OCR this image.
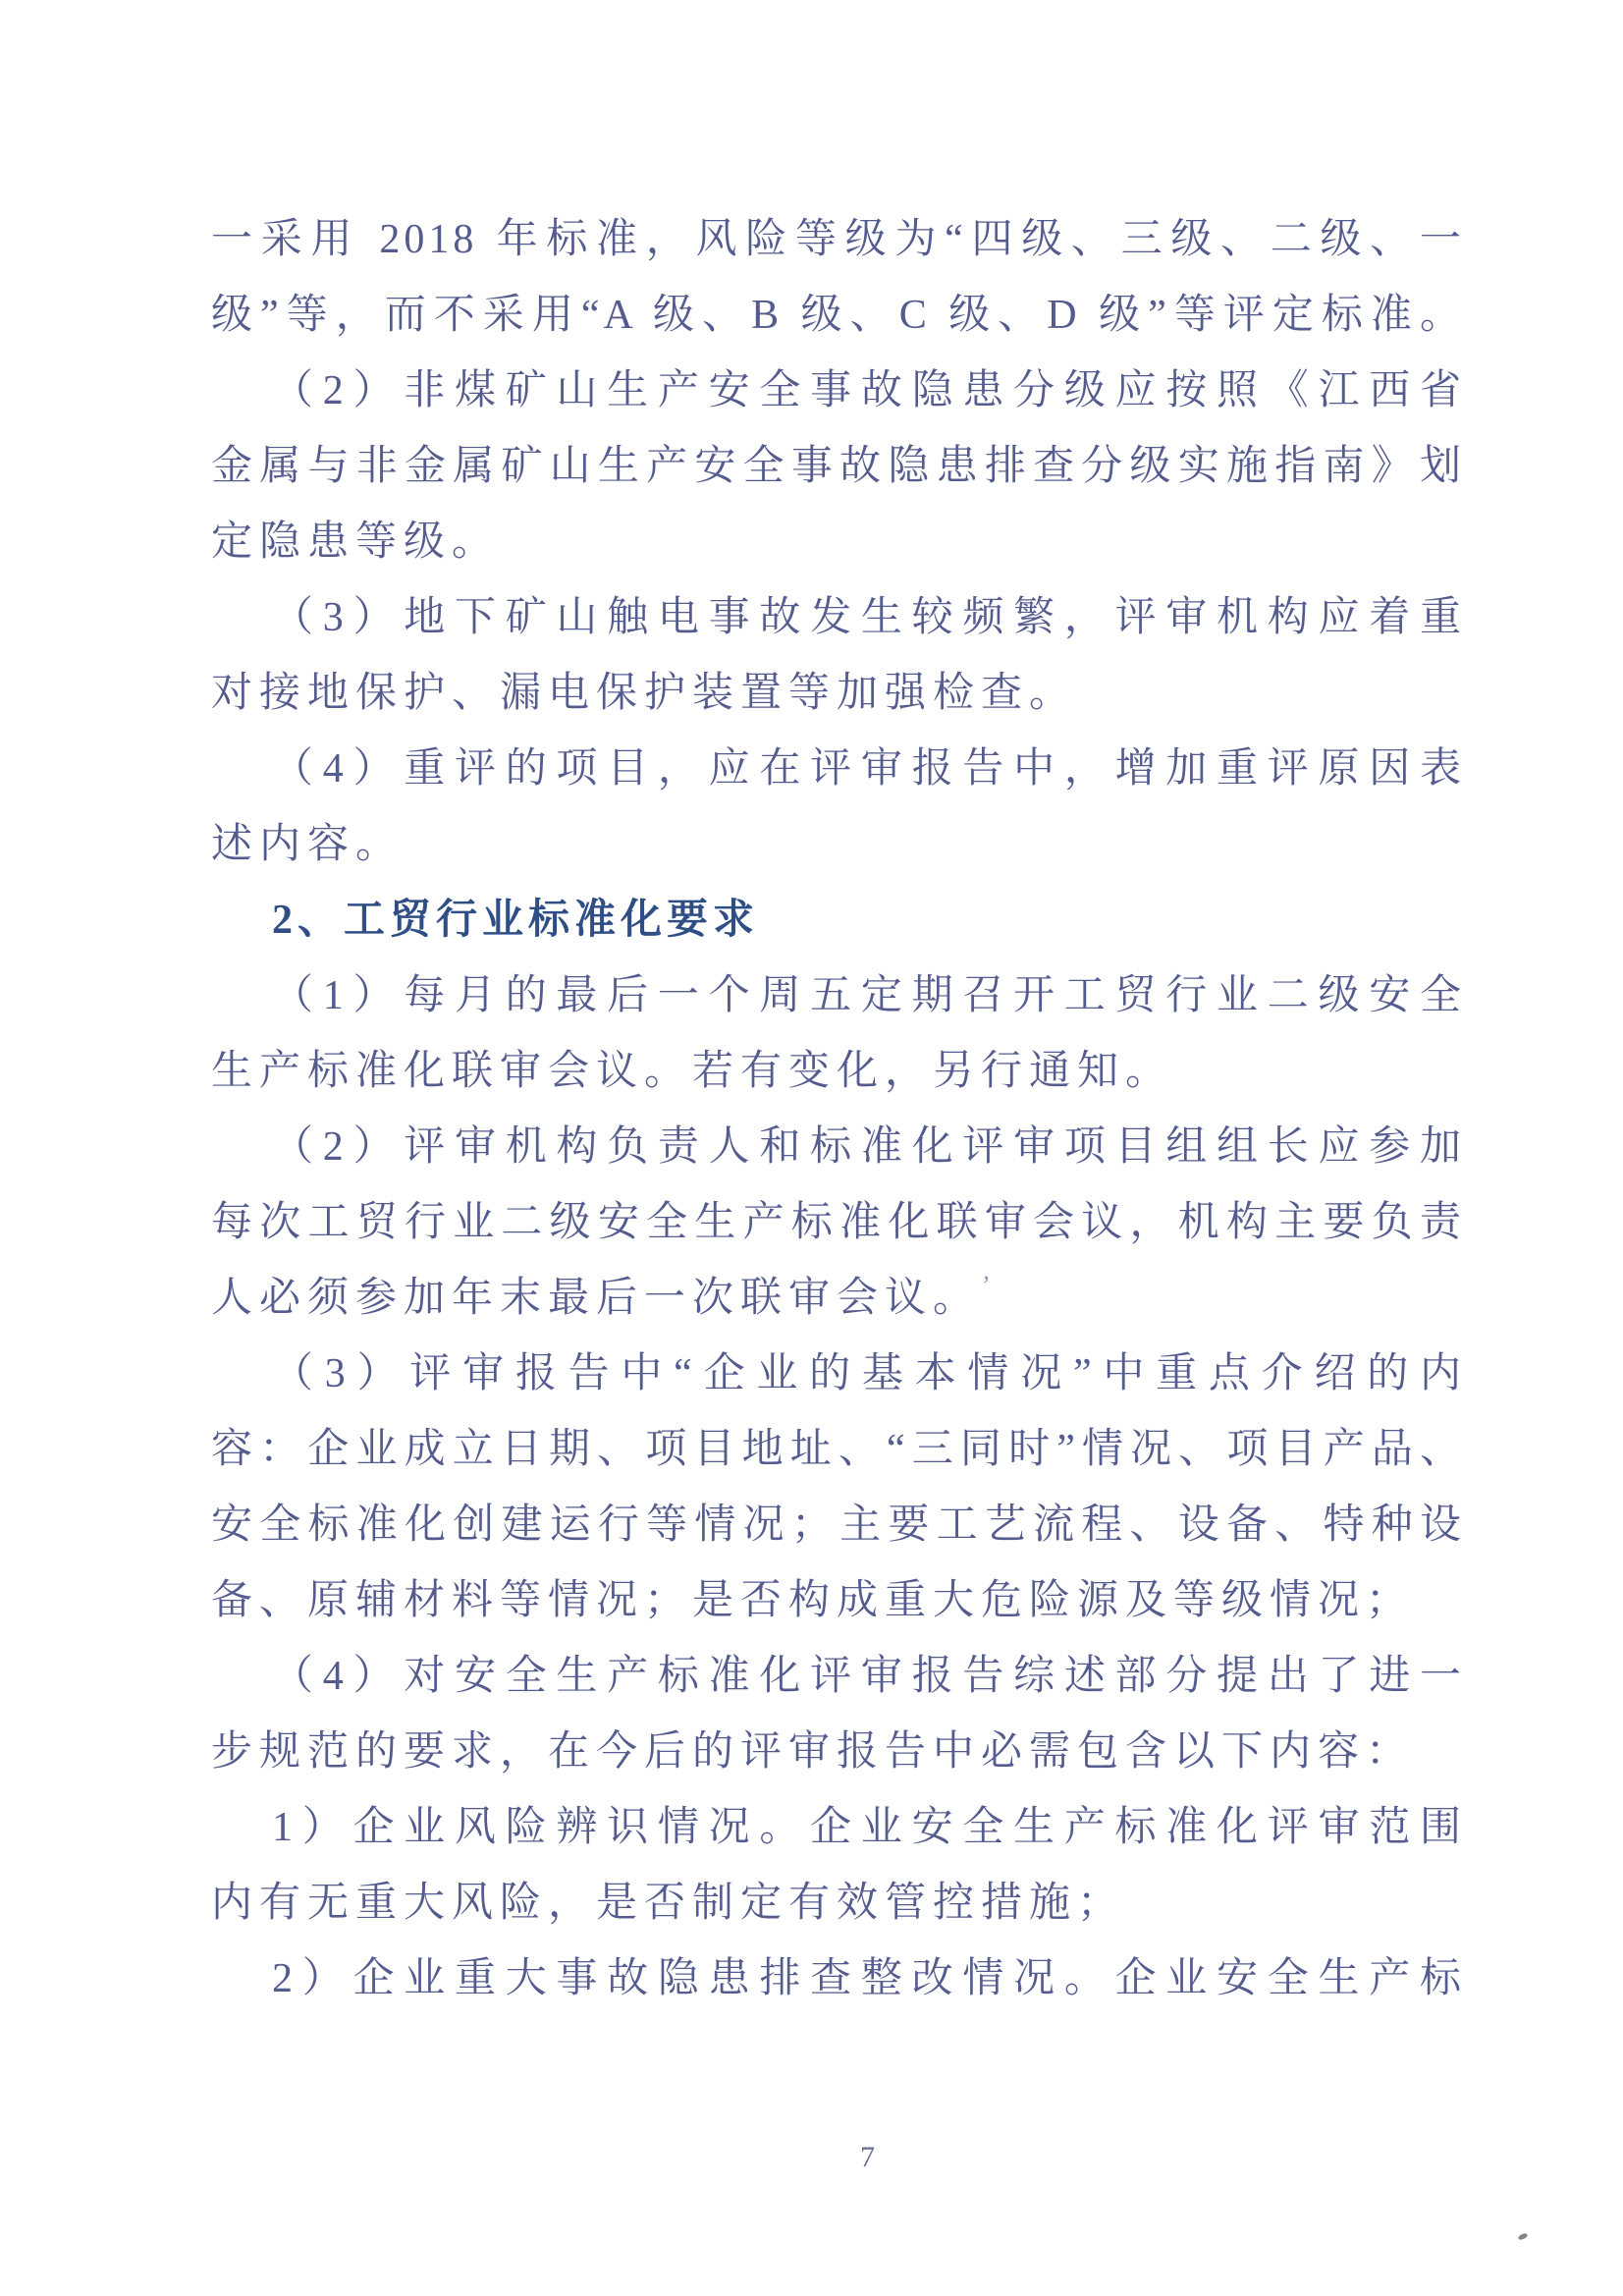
一采用 2018 年标准，风险等级为“四级、三级、二级、一
级”等，而不采用“A 级、B 级、C 级、D 级”等评定标准。
（2）非煤矿山生产安全事故隐患分级应按照《江西省
金属与非金属矿山生产安全事故隐患排查分级实施指南》划
定隐患等级。
（3）地下矿山触电事故发生较频繁，评审机构应着重
对接地保护、漏电保护装置等加强检查。
（4）重评的项目，应在评审报告中，增加重评原因表
述内容。
2、工贸行业标准化要求
（1）每月的最后一个周五定期召开工贸行业二级安全
生产标准化联审会议。若有变化，另行通知。
（2）评审机构负责人和标准化评审项目组组长应参加
每次工贸行业二级安全生产标准化联审会议，机构主要负责
人必须参加年末最后一次联审会议。
（3）评审报告中“企业的基本情况”中重点介绍的内
容：企业成立日期、项目地址、“三同时”情况、项目产品、
安全标准化创建运行等情况；主要工艺流程、设备、特种设
备、原辅材料等情况；是否构成重大危险源及等级情况；
（4）对安全生产标准化评审报告综述部分提出了进一
步规范的要求，在今后的评审报告中必需包含以下内容：
1）企业风险辨识情况。企业安全生产标准化评审范围
内有无重大风险，是否制定有效管控措施；
2）企业重大事故隐患排查整改情况。企业安全生产标
7
’
